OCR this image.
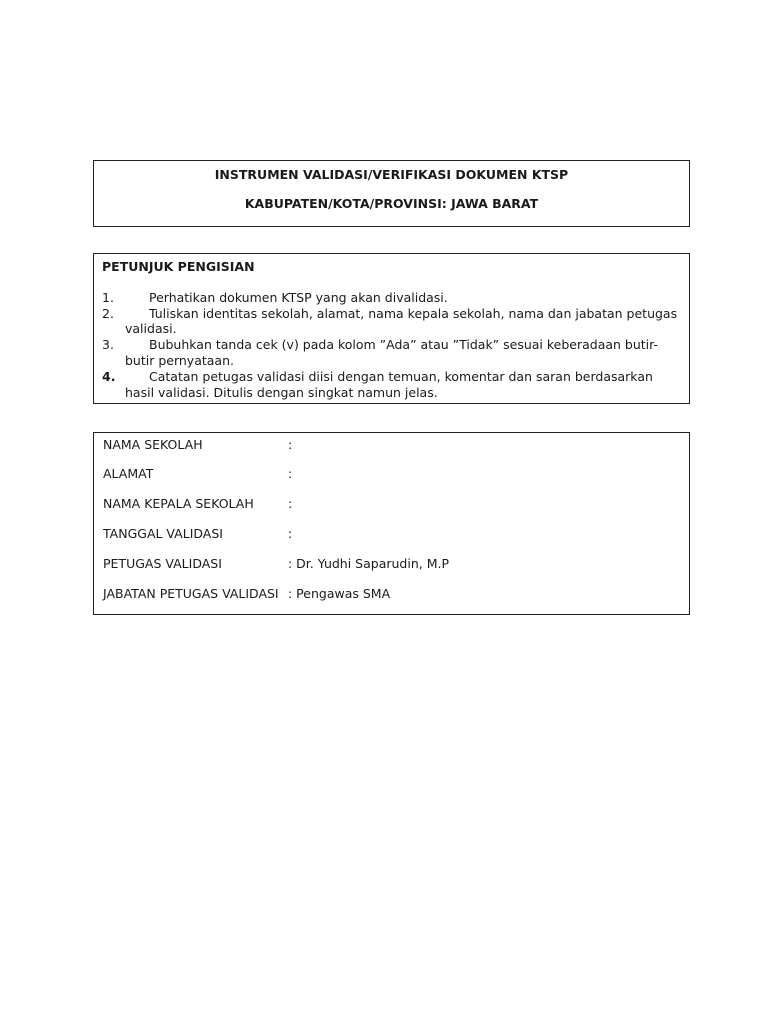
INSTRUMEN VALIDASI/VERIFIKASI DOKUMEN KTSP
KABUPATEN/KOTA/PROVINSI: JAWA BARAT
PETUNJUK PENGISIAN
1.	Perhatikan dokumen KTSP yang akan divalidasi.
2.	Tuliskan identitas sekolah, alamat, nama kepala sekolah, nama dan jabatan petugas validasi.
3.	Bubuhkan tanda cek (v) pada kolom ”Ada” atau ”Tidak” sesuai keberadaan butir-butir pernyataan.
4.	Catatan petugas validasi diisi dengan temuan, komentar dan saran berdasarkan hasil validasi. Ditulis dengan singkat namun jelas.
NAMA SEKOLAH	:
ALAMAT	:
NAMA KEPALA SEKOLAH	:
TANGGAL VALIDASI	:
PETUGAS VALIDASI	: Dr. Yudhi Saparudin, M.P
JABATAN PETUGAS VALIDASI : Pengawas SMA
